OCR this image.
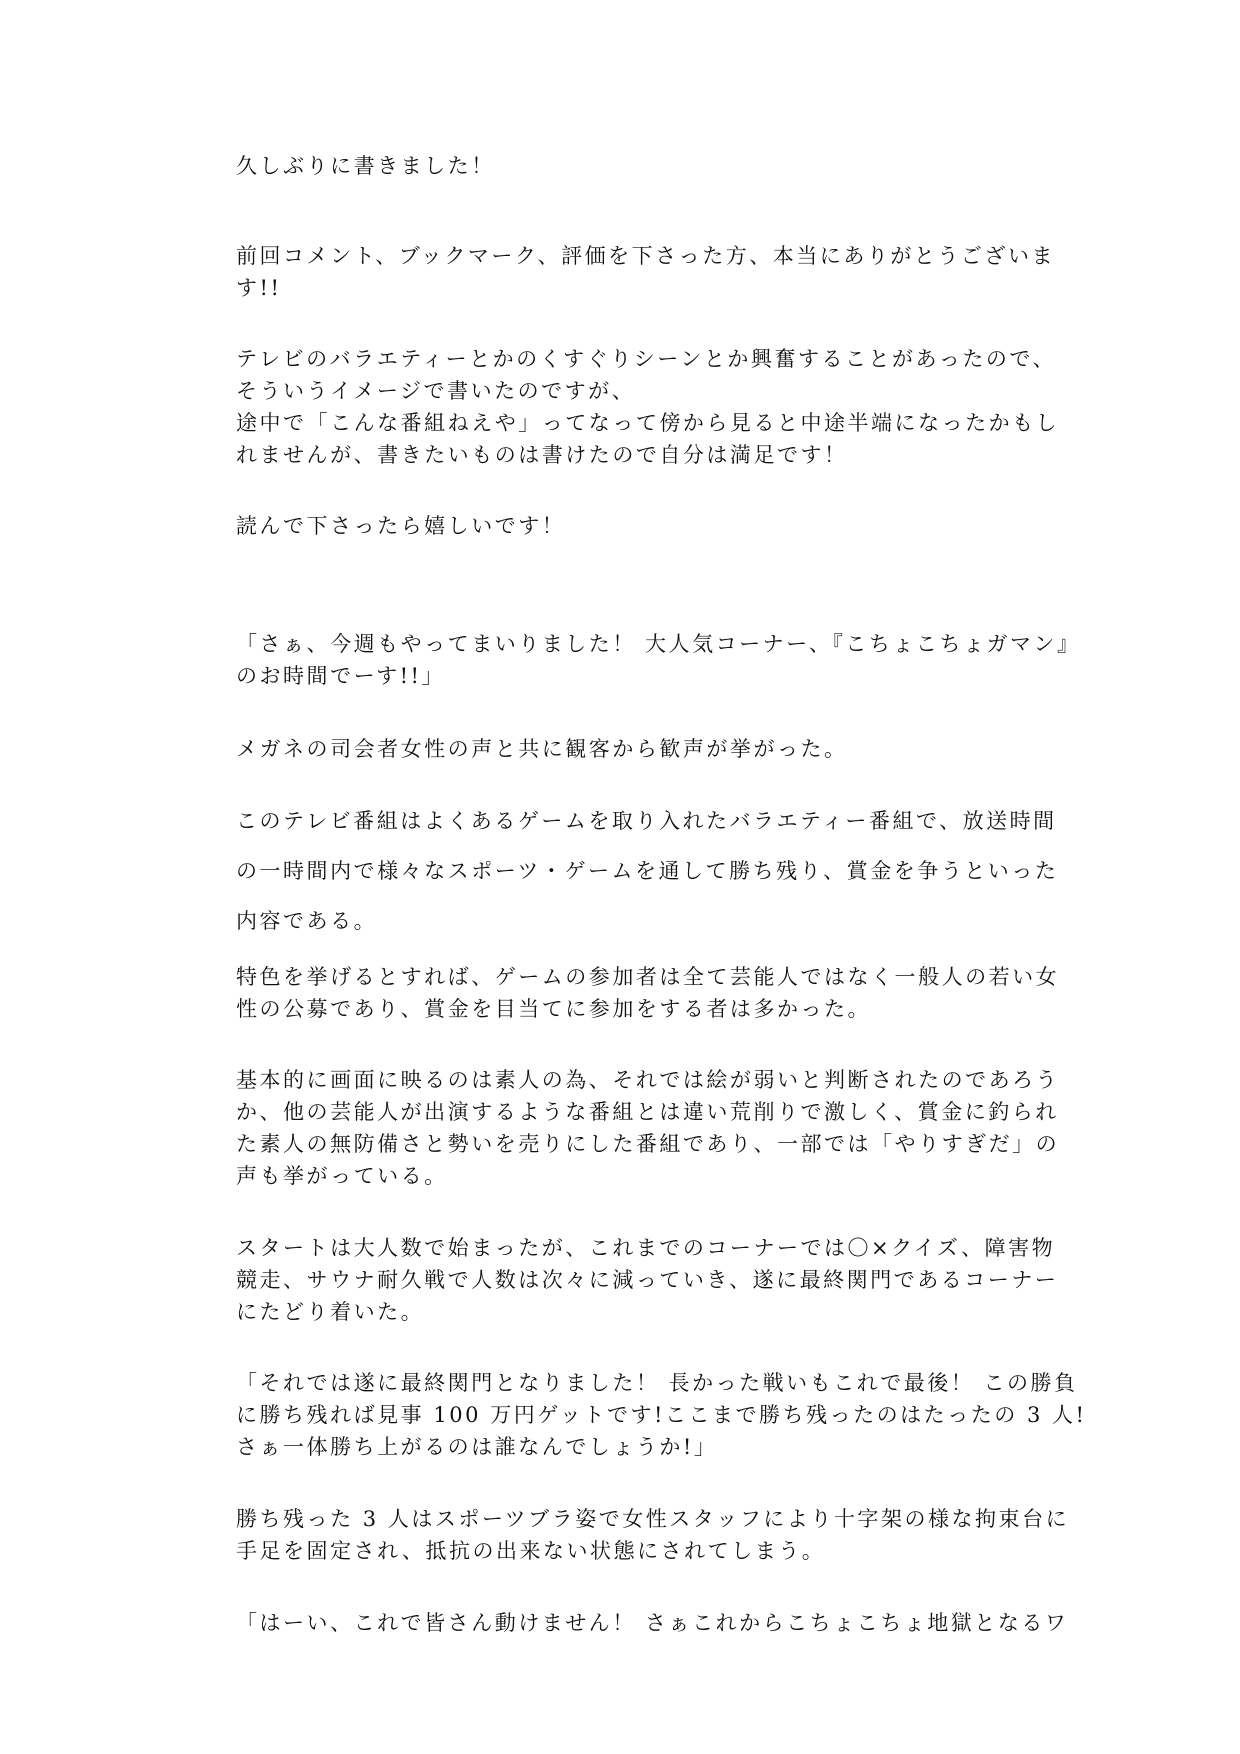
久しぶりに書きました！

前回コメント、ブックマーク、評価を下さった方、本当にありがとうございま
す!!

テレビのバラエティーとかのくすぐりシーンとか興奮することがあったので、
そういうイメージで書いたのですが、
途中で「こんな番組ねえや」ってなって傍から見ると中途半端になったかもし
れませんが、書きたいものは書けたので自分は満足です！

読んで下さったら嬉しいです！

「さぁ、今週もやってまいりました！ 大人気コーナー、『こちょこちょガマン』
のお時間でーす!!」

メガネの司会者女性の声と共に観客から歓声が挙がった。

このテレビ番組はよくあるゲームを取り入れたバラエティー番組で、放送時間
の一時間内で様々なスポーツ・ゲームを通して勝ち残り、賞金を争うといった
内容である。

特色を挙げるとすれば、ゲームの参加者は全て芸能人ではなく一般人の若い女
性の公募であり、賞金を目当てに参加をする者は多かった。

基本的に画面に映るのは素人の為、それでは絵が弱いと判断されたのであろう
か、他の芸能人が出演するような番組とは違い荒削りで激しく、賞金に釣られ
た素人の無防備さと勢いを売りにした番組であり、一部では「やりすぎだ」の
声も挙がっている。

スタートは大人数で始まったが、これまでのコーナーでは〇×クイズ、障害物
競走、サウナ耐久戦で人数は次々に減っていき、遂に最終関門であるコーナー
にたどり着いた。

「それでは遂に最終関門となりました！ 長かった戦いもこれで最後！ この勝負
に勝ち残れば見事 100 万円ゲットです!ここまで勝ち残ったのはたったの 3 人!
さぁ一体勝ち上がるのは誰なんでしょうか!」

勝ち残った 3 人はスポーツブラ姿で女性スタッフにより十字架の様な拘束台に
手足を固定され、抵抗の出来ない状態にされてしまう。

「はーい、これで皆さん動けません！ さぁこれからこちょこちょ地獄となるワ
